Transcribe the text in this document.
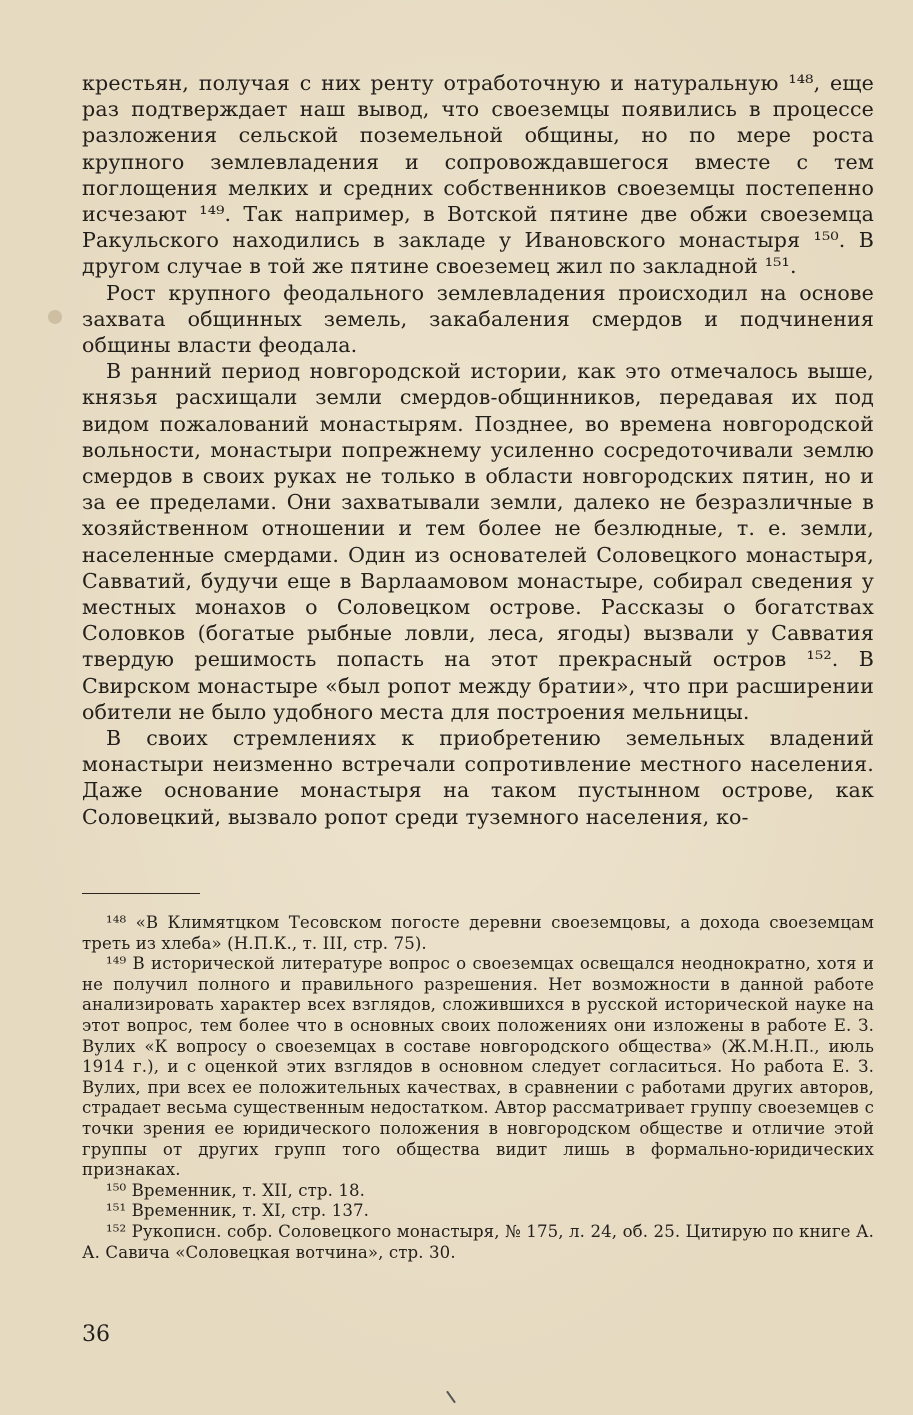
крестьян, получая с них ренту отработочную и натуральную ¹⁴⁸, еще раз подтверждает наш вывод, что своеземцы появились в процессе разложения сельской поземельной общины, но по мере роста крупного землевладения и сопровождавшегося вместе с тем поглощения мелких и средних собственников своеземцы постепенно исчезают ¹⁴⁹. Так например, в Вотской пятине две обжи своеземца Ракульского находились в закладе у Ивановского монастыря ¹⁵⁰. В другом случае в той же пятине своеземец жил по закладной ¹⁵¹.

Рост крупного феодального землевладения происходил на основе захвата общинных земель, закабаления смердов и подчинения общины власти феодала.

В ранний период новгородской истории, как это отмечалось выше, князья расхищали земли смердов-общинников, передавая их под видом пожалований монастырям. Позднее, во времена новгородской вольности, монастыри попрежнему усиленно сосредоточивали землю смердов в своих руках не только в области новгородских пятин, но и за ее пределами. Они захватывали земли, далеко не безразличные в хозяйственном отношении и тем более не безлюдные, т. е. земли, населенные смердами. Один из основателей Соловецкого монастыря, Савватий, будучи еще в Варлаамовом монастыре, собирал сведения у местных монахов о Соловецком острове. Рассказы о богатствах Соловков (богатые рыбные ловли, леса, ягоды) вызвали у Савватия твердую решимость попасть на этот прекрасный остров ¹⁵². В Свирском монастыре «был ропот между братии», что при расширении обители не было удобного места для построения мельницы.

В своих стремлениях к приобретению земельных владений монастыри неизменно встречали сопротивление местного населения. Даже основание монастыря на таком пустынном острове, как Соловецкий, вызвало ропот среди туземного населения, ко-

¹⁴⁸ «В Климятцком Тесовском погосте деревни своеземцовы, а дохода своеземцам треть из хлеба» (Н.П.К., т. III, стр. 75).

¹⁴⁹ В исторической литературе вопрос о своеземцах освещался неоднократно, хотя и не получил полного и правильного разрешения. Нет возможности в данной работе анализировать характер всех взглядов, сложившихся в русской исторической науке на этот вопрос, тем более что в основных своих положениях они изложены в работе Е. З. Вулих «К вопросу о своеземцах в составе новгородского общества» (Ж.М.Н.П., июль 1914 г.), и с оценкой этих взглядов в основном следует согласиться. Но работа Е. З. Вулих, при всех ее положительных качествах, в сравнении с работами других авторов, страдает весьма существенным недостатком. Автор рассматривает группу своеземцев с точки зрения ее юридического положения в новгородском обществе и отличие этой группы от других групп того общества видит лишь в формально-юридических признаках.

¹⁵⁰ Временник, т. XII, стр. 18.

¹⁵¹ Временник, т. XI, стр. 137.

¹⁵² Рукописн. собр. Соловецкого монастыря, № 175, л. 24, об. 25. Цитирую по книге А. А. Савича «Соловецкая вотчина», стр. 30.

36
